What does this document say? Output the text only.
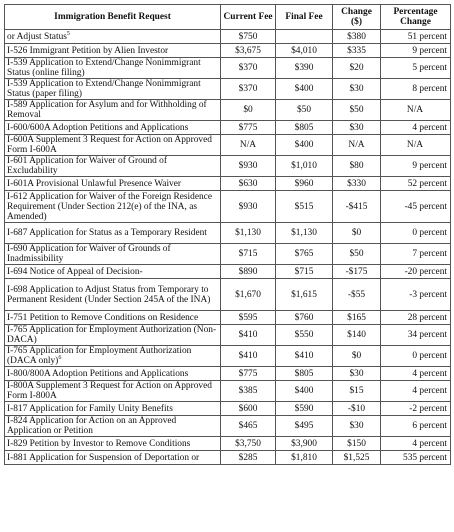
Immigration Benefit Request	Current Fee	Final Fee	Change ($)	Percentage Change
or Adjust Status$^5$	$750		$380	51 percent
I-526 Immigrant Petition by Alien Investor	$3,675	$4,010	$335	9 percent
I-539 Application to Extend/Change Nonimmigrant Status (online filing)	$370	$390	$20	5 percent
I-539 Application to Extend/Change Nonimmigrant Status (paper filing)	$370	$400	$30	8 percent
I-589 Application for Asylum and for Withholding of Removal	$0	$50	$50	N/A
I-600/600A Adoption Petitions and Applications	$775	$805	$30	4 percent
I-600A Supplement 3 Request for Action on Approved Form I-600A	N/A	$400	N/A	N/A
I-601 Application for Waiver of Ground of Excludability	$930	$1,010	$80	9 percent
I-601A Provisional Unlawful Presence Waiver	$630	$960	$330	52 percent
I-612 Application for Waiver of the Foreign Residence Requirement (Under Section 212(e) of the INA, as Amended)	$930	$515	-$415	-45 percent
I-687 Application for Status as a Temporary Resident	$1,130	$1,130	$0	0 percent
I-690 Application for Waiver of Grounds of Inadmissibility	$715	$765	$50	7 percent
I-694 Notice of Appeal of Decision-	$890	$715	-$175	-20 percent
I-698 Application to Adjust Status from Temporary to Permanent Resident (Under Section 245A of the INA)	$1,670	$1,615	-$55	-3 percent
I-751 Petition to Remove Conditions on Residence	$595	$760	$165	28 percent
I-765 Application for Employment Authorization (Non-DACA)	$410	$550	$140	34 percent
I-765 Application for Employment Authorization (DACA only)$^6$	$410	$410	$0	0 percent
I-800/800A Adoption Petitions and Applications	$775	$805	$30	4 percent
I-800A Supplement 3 Request for Action on Approved Form I-800A	$385	$400	$15	4 percent
I-817 Application for Family Unity Benefits	$600	$590	-$10	-2 percent
I-824 Application for Action on an Approved Application or Petition	$465	$495	$30	6 percent
I-829 Petition by Investor to Remove Conditions	$3,750	$3,900	$150	4 percent
I-881 Application for Suspension of Deportation or	$285	$1,810	$1,525	535 percent
